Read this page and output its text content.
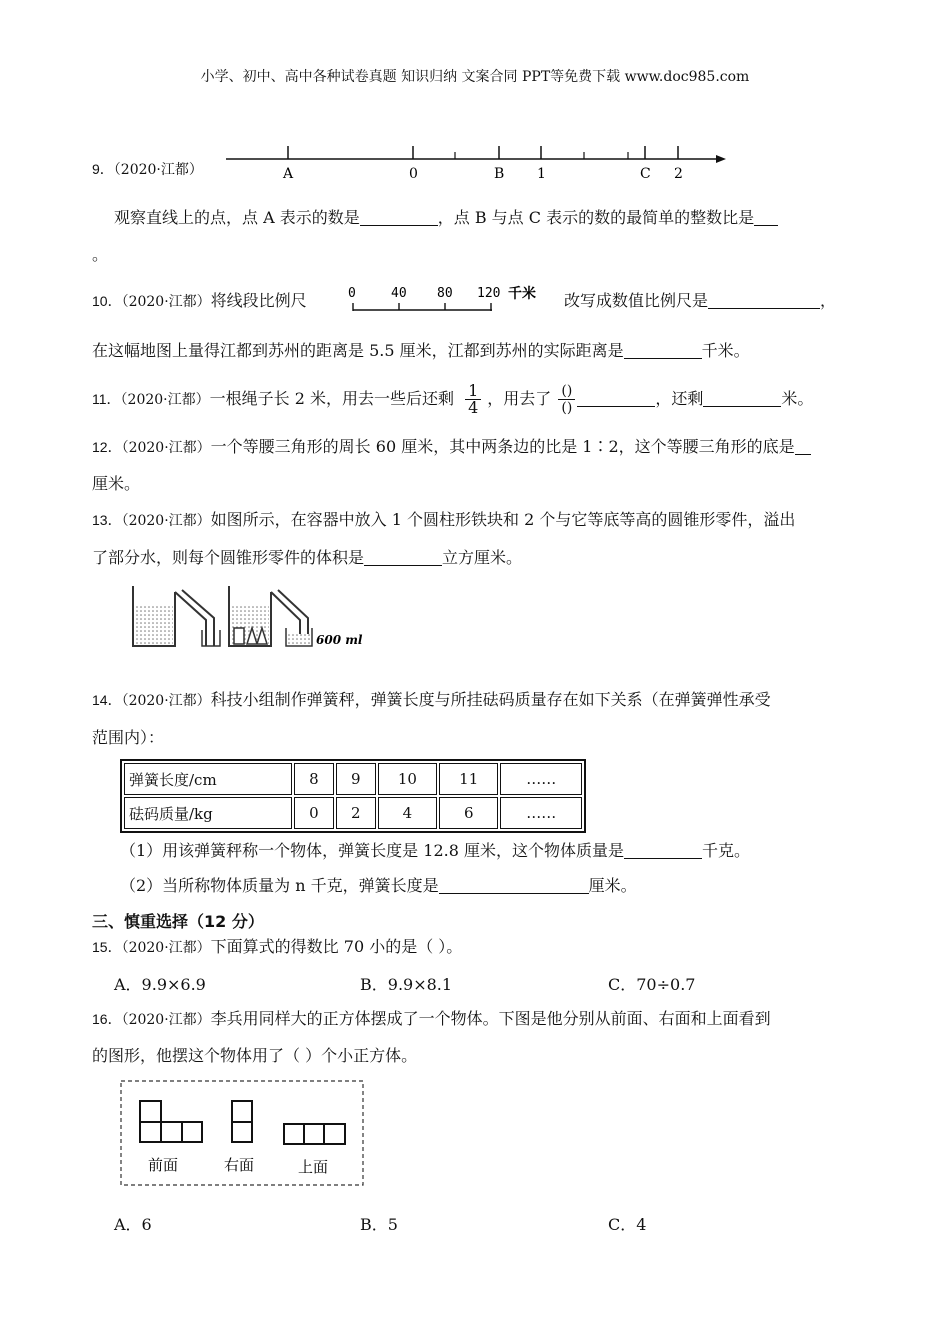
小学、初中、高中各种试卷真题 知识归纳 文案合同 PPT等免费下载 www.doc985.com
9．（2020·江都）	A	0	B 1	C 2
观察直线上的点，点 A 表示的数是	，点 B 与点 C 表示的数的最简单的整数比是
。
10．（2020·江都）将线段比例尺	0	40 80 120 千米 改写成数值比例尺是	，
在这幅地图上量得江都到苏州的距离是 5.5 厘米，江都到苏州的实际距离是	千米。
11．（2020·江都）一根绳子长 2 米，用去一些后还剩 $\frac{1}{4}$ ，用去了 $\frac{()}{()}$	，还剩	米。
12．（2020·江都）一个等腰三角形的周长 60 厘米，其中两条边的比是 1∶2，这个等腰三角形的底是
厘米。
13．（2020·江都）如图所示，在容器中放入 1 个圆柱形铁块和 2 个与它等底等高的圆锥形零件，溢出
了部分水，则每个圆锥形零件的体积是	立方厘米。
600 ml
14．（2020·江都）科技小组制作弹簧秤，弹簧长度与所挂砝码质量存在如下关系（在弹簧弹性承受
范围内）：
弹簧长度/cm	8	9	10	11	……
砝码质量/kg	0	2	4	6	……
（1）用该弹簧秤称一个物体，弹簧长度是 12.8 厘米，这个物体质量是	千克。
（2）当所称物体质量为 n 千克，弹簧长度是	厘米。
三、慎重选择（12 分）
15．（2020·江都）下面算式的得数比 70 小的是（ ）。
A．9.9×6.9	B．9.9×8.1	C．70÷0.7
16．（2020·江都）李兵用同样大的正方体摆成了一个物体。下图是他分别从前面、右面和上面看到
的图形，他摆这个物体用了（ ）个小正方体。
前面	右面	上面
A．6	B．5	C．4
